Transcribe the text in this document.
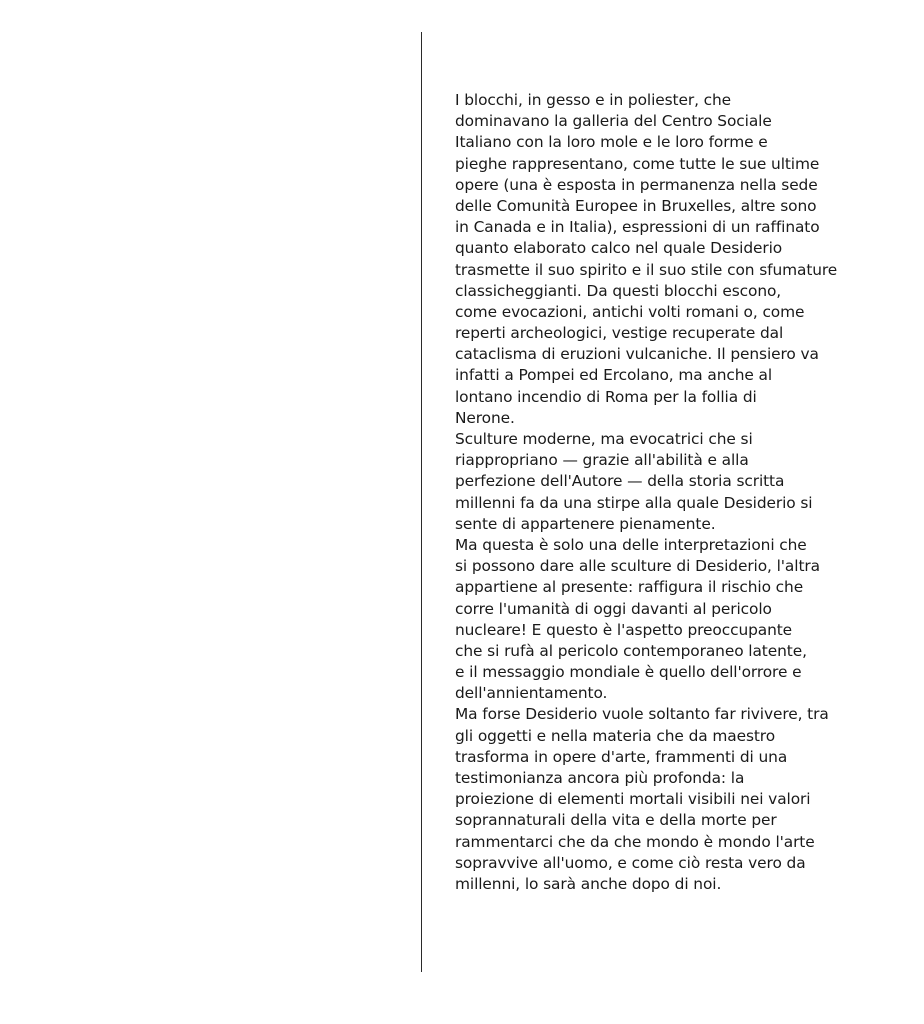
I blocchi, in gesso e in poliester, che
dominavano la galleria del Centro Sociale
Italiano con la loro mole e le loro forme e
pieghe rappresentano, come tutte le sue ultime
opere (una è esposta in permanenza nella sede
delle Comunità Europee in Bruxelles, altre sono
in Canada e in Italia), espressioni di un raffinato
quanto elaborato calco nel quale Desiderio
trasmette il suo spirito e il suo stile con sfumature
classicheggianti. Da questi blocchi escono,
come evocazioni, antichi volti romani o, come
reperti archeologici, vestige recuperate dal
cataclisma di eruzioni vulcaniche. Il pensiero va
infatti a Pompei ed Ercolano, ma anche al
lontano incendio di Roma per la follia di
Nerone.
Sculture moderne, ma evocatrici che si
riappropriano — grazie all'abilità e alla
perfezione dell'Autore — della storia scritta
millenni fa da una stirpe alla quale Desiderio si
sente di appartenere pienamente.
Ma questa è solo una delle interpretazioni che
si possono dare alle sculture di Desiderio, l'altra
appartiene al presente: raffigura il rischio che
corre l'umanità di oggi davanti al pericolo
nucleare! E questo è l'aspetto preoccupante
che si rufà al pericolo contemporaneo latente,
e il messaggio mondiale è quello dell'orrore e
dell'annientamento.
Ma forse Desiderio vuole soltanto far rivivere, tra
gli oggetti e nella materia che da maestro
trasforma in opere d'arte, frammenti di una
testimonianza ancora più profonda: la
proiezione di elementi mortali visibili nei valori
soprannaturali della vita e della morte per
rammentarci che da che mondo è mondo l'arte
sopravvive all'uomo, e come ciò resta vero da
millenni, lo sarà anche dopo di noi.
